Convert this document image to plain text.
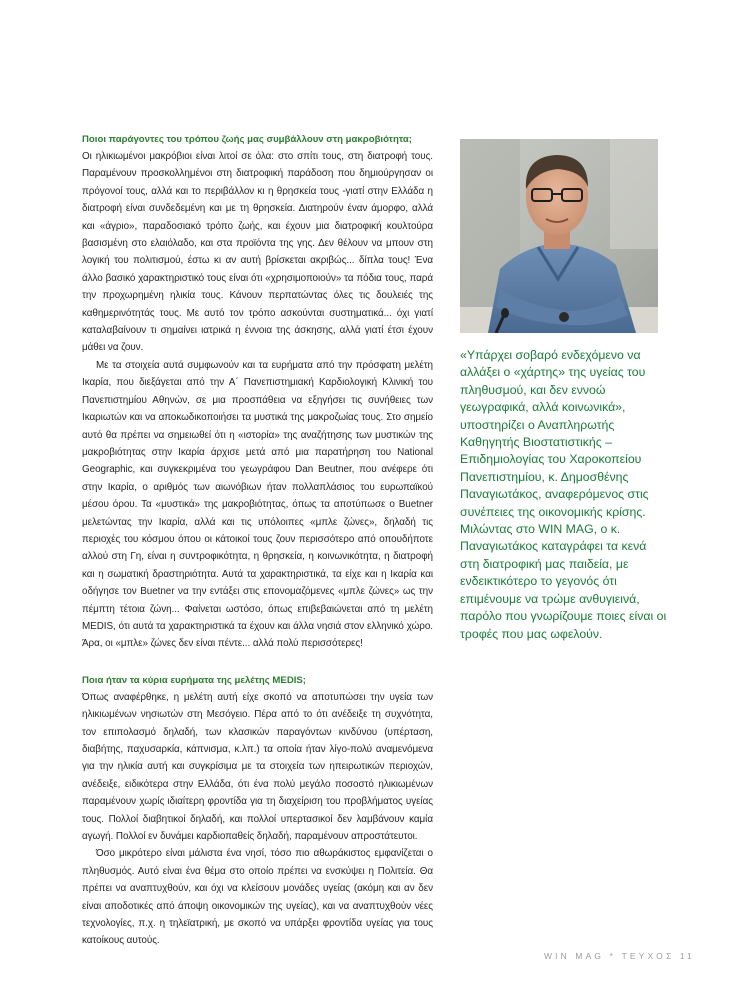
Ποιοι παράγοντες του τρόπου ζωής μας συμβάλλουν στη μακροβιότητα;

Οι ηλικιωμένοι μακρόβιοι είναι λιτοί σε όλα: στο σπίτι τους, στη διατροφή τους. Παραμένουν προσκολλημένοι στη διατροφική παράδοση που δημιούργησαν οι πρόγονοί τους, αλλά και το περιβάλλον κι η θρησκεία τους -γιατί στην Ελλάδα η διατροφή είναι συνδεδεμένη και με τη θρησκεία. Διατηρούν έναν άμορφο, αλλά και «άγριο», παραδοσιακό τρόπο ζωής, και έχουν μια διατροφική κουλτούρα βασισμένη στο ελαιόλαδο, και στα προϊόντα της γης. Δεν θέλουν να μπουν στη λογική του πολιτισμού, έστω κι αν αυτή βρίσκεται ακριβώς... δίπλα τους! Ένα άλλο βασικό χαρακτηριστικό τους είναι ότι «χρησιμοποιούν» τα πόδια τους, παρά την προχωρημένη ηλικία τους. Κάνουν περπατώντας όλες τις δουλειές της καθημερινότητάς τους. Με αυτό τον τρόπο ασκούνται συστηματικά... όχι γιατί καταλαβαίνουν τι σημαίνει ιατρικά η έννοια της άσκησης, αλλά γιατί έτσι έχουν μάθει να ζουν.

Με τα στοιχεία αυτά συμφωνούν και τα ευρήματα από την πρόσφατη μελέτη Ικαρία, που διεξάγεται από την Α΄ Πανεπιστημιακή Καρδιολογική Κλινική του Πανεπιστημίου Αθηνών, σε μια προσπάθεια να εξηγήσει τις συνήθειες των Ικαριωτών και να αποκωδικοποιήσει τα μυστικά της μακροζωίας τους. Στο σημείο αυτό θα πρέπει να σημειωθεί ότι η «ιστορία» της αναζήτησης των μυστικών της μακροβιότητας στην Ικαρία άρχισε μετά από μια παρατήρηση του National Geographic, και συγκεκριμένα του γεωγράφου Dan Beutner, που ανέφερε ότι στην Ικαρία, ο αριθμός των αιωνόβιων ήταν πολλαπλάσιος του ευρωπαϊκού μέσου όρου. Τα «μυστικά» της μακροβιότητας, όπως τα αποτύπωσε ο Buetner μελετώντας την Ικαρία, αλλά και τις υπόλοιπες «μπλε ζώνες», δηλαδή τις περιοχές του κόσμου όπου οι κάτοικοί τους ζουν περισσότερο από οπουδήποτε αλλού στη Γη, είναι η συντροφικότητα, η θρησκεία, η κοινωνικότητα, η διατροφή και η σωματική δραστηριότητα. Αυτά τα χαρακτηριστικά, τα είχε και η Ικαρία και οδήγησε τον Buetner να την εντάξει στις επονομαζόμενες «μπλε ζώνες» ως την πέμπτη τέτοια ζώνη... Φαίνεται ωστόσο, όπως επιβεβαιώνεται από τη μελέτη MEDIS, ότι αυτά τα χαρακτηριστικά τα έχουν και άλλα νησιά στον ελληνικό χώρο. Άρα, οι «μπλε» ζώνες δεν είναι πέντε... αλλά πολύ περισσότερες!

Ποια ήταν τα κύρια ευρήματα της μελέτης MEDIS;

Όπως αναφέρθηκε, η μελέτη αυτή είχε σκοπό να αποτυπώσει την υγεία των ηλικιωμένων νησιωτών στη Μεσόγειο. Πέρα από το ότι ανέδειξε τη συχνότητα, τον επιπολασμό δηλαδή, των κλασικών παραγόντων κινδύνου (υπέρταση, διαβήτης, παχυσαρκία, κάπνισμα, κ.λπ.) τα οποία ήταν λίγο-πολύ αναμενόμενα για την ηλικία αυτή και συγκρίσιμα με τα στοιχεία των ηπειρωτικών περιοχών, ανέδειξε, ειδικότερα στην Ελλάδα, ότι ένα πολύ μεγάλο ποσοστό ηλικιωμένων παραμένουν χωρίς ιδιαίτερη φροντίδα για τη διαχείριση του προβλήματος υγείας τους. Πολλοί διαβητικοί δηλαδή, και πολλοί υπερτασικοί δεν λαμβάνουν καμία αγωγή. Πολλοί εν δυνάμει καρδιοπαθείς δηλαδή, παραμένουν απροστάτευτοι.

Όσο μικρότερο είναι μάλιστα ένα νησί, τόσο πιο αθωράκιστος εμφανίζεται ο πληθυσμός. Αυτό είναι ένα θέμα στο οποίο πρέπει να ενσκύψει η Πολιτεία. Θα πρέπει να αναπτυχθούν, και όχι να κλείσουν μονάδες υγείας (ακόμη και αν δεν είναι αποδοτικές από άποψη οικονομικών της υγείας), και να αναπτυχθούν νέες τεχνολογίες, π.χ. η τηλεϊατρική, με σκοπό να υπάρξει φροντίδα υγείας για τους κατοίκους αυτούς.

«Υπάρχει σοβαρό ενδεχόμενο να αλλάξει ο «χάρτης» της υγείας του πληθυσμού, και δεν εννοώ γεωγραφικά, αλλά κοινωνικά», υποστηρίζει ο Αναπληρωτής Καθηγητής Βιοστατιστικής – Επιδημιολογίας του Χαροκοπείου Πανεπιστημίου, κ. Δημοσθένης Παναγιωτάκος, αναφερόμενος στις συνέπειες της οικονομικής κρίσης. Μιλώντας στο WIN MAG, ο κ. Παναγιωτάκος καταγράφει τα κενά στη διατροφική μας παιδεία, με ενδεικτικότερο το γεγονός ότι επιμένουμε να τρώμε ανθυγιεινά, παρόλο που γνωρίζουμε ποιες είναι οι τροφές που μας ωφελούν.

WIN MAG * ΤΕΥΧΟΣ 11
